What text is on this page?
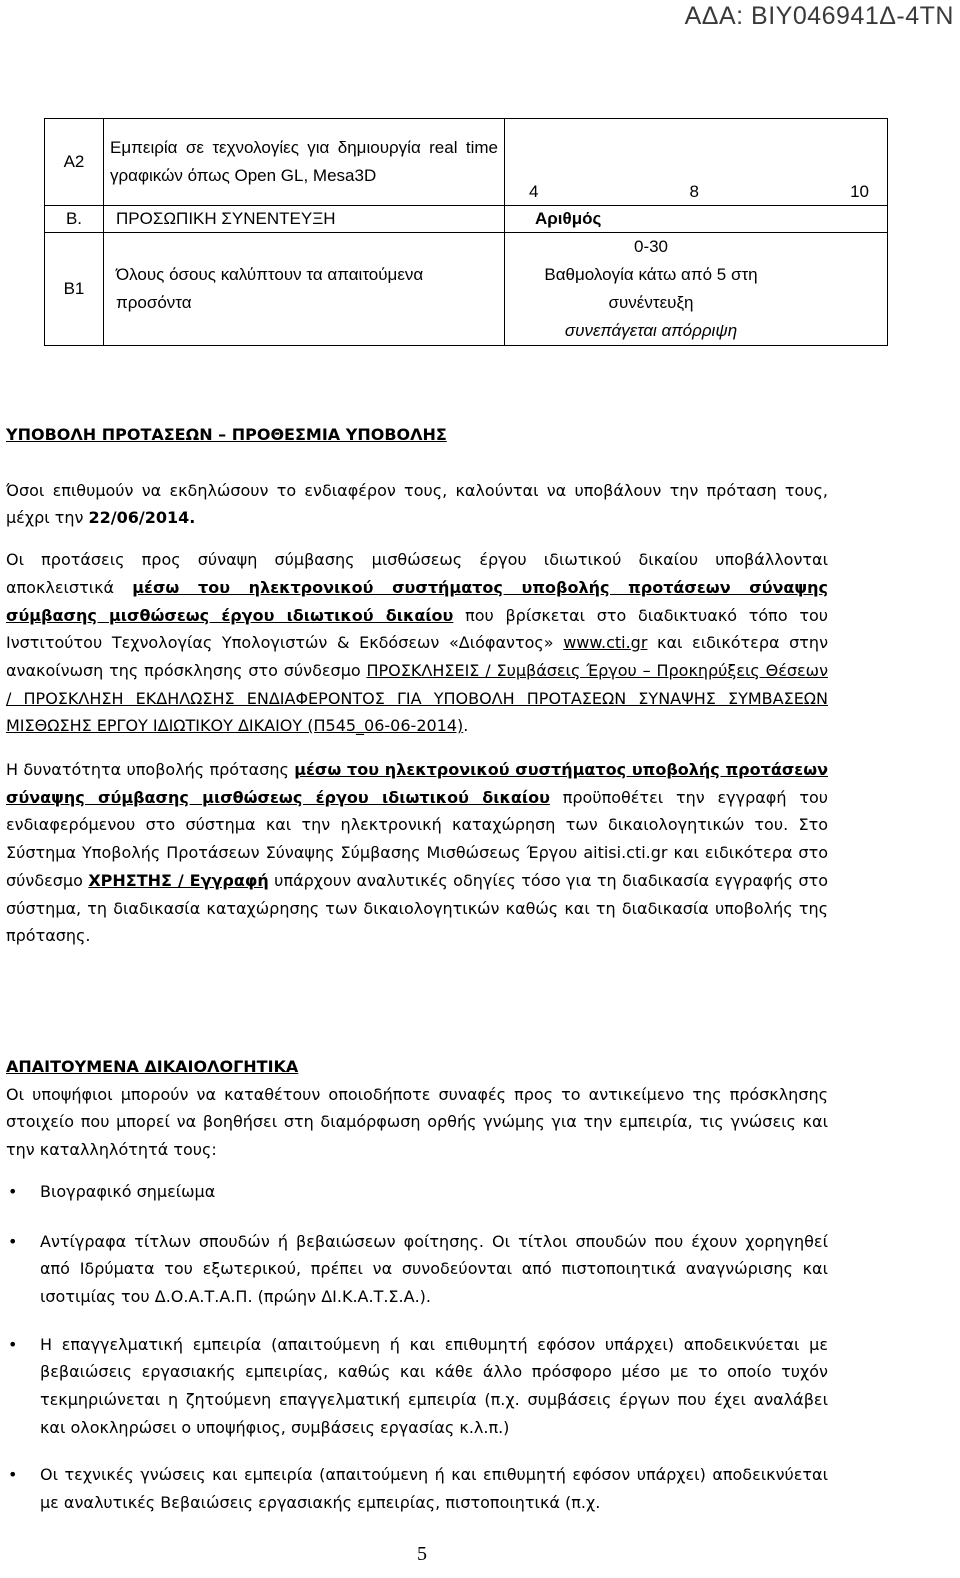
ΑΔΑ: ΒΙΥ046941Δ-4ΤΝ
Α2	Εμπειρία σε τεχνολογίες για δημιουργία real time γραφικών όπως Open GL, Mesa3D	4 8 10

Β.	ΠΡΟΣΩΠΙΚΗ ΣΥΝΕΝΤΕΥΞΗ	Αριθμός
Β1	Όλους όσους καλύπτουν τα απαιτούμενα προσόντα	0-30
Βαθμολογία κάτω από 5 στη συνέντευξη
συνεπάγεται απόρριψη

ΥΠΟΒΟΛΗ ΠΡΟΤΑΣΕΩΝ – ΠΡΟΘΕΣΜΙΑ ΥΠΟΒΟΛΗΣ

Όσοι επιθυμούν να εκδηλώσουν το ενδιαφέρον τους, καλούνται να υποβάλουν την πρόταση τους, μέχρι την 22/06/2014.

Οι προτάσεις προς σύναψη σύμβασης μισθώσεως έργου ιδιωτικού δικαίου υποβάλλονται αποκλειστικά μέσω του ηλεκτρονικού συστήματος υποβολής προτάσεων σύναψης σύμβασης μισθώσεως έργου ιδιωτικού δικαίου που βρίσκεται στο διαδικτυακό τόπο του Ινστιτούτου Τεχνολογίας Υπολογιστών & Εκδόσεων «Διόφαντος» www.cti.gr και ειδικότερα στην ανακοίνωση της πρόσκλησης στο σύνδεσμο ΠΡΟΣΚΛΗΣΕΙΣ / Συμβάσεις Έργου – Προκηρύξεις Θέσεων / ΠΡΟΣΚΛΗΣΗ ΕΚΔΗΛΩΣΗΣ ΕΝΔΙΑΦΕΡΟΝΤΟΣ ΓΙΑ ΥΠΟΒΟΛΗ ΠΡΟΤΑΣΕΩΝ ΣΥΝΑΨΗΣ ΣΥΜΒΑΣΕΩΝ ΜΙΣΘΩΣΗΣ ΕΡΓΟΥ ΙΔΙΩΤΙΚΟΥ ΔΙΚΑΙΟΥ (Π545_06-06-2014).

Η δυνατότητα υποβολής πρότασης μέσω του ηλεκτρονικού συστήματος υποβολής προτάσεων σύναψης σύμβασης μισθώσεως έργου ιδιωτικού δικαίου προϋποθέτει την εγγραφή του ενδιαφερόμενου στο σύστημα και την ηλεκτρονική καταχώρηση των δικαιολογητικών του. Στο Σύστημα Υποβολής Προτάσεων Σύναψης Σύμβασης Μισθώσεως Έργου aitisi.cti.gr και ειδικότερα στο σύνδεσμο ΧΡΗΣΤΗΣ / Εγγραφή υπάρχουν αναλυτικές οδηγίες τόσο για τη διαδικασία εγγραφής στο σύστημα, τη διαδικασία καταχώρησης των δικαιολογητικών καθώς και τη διαδικασία υποβολής της πρότασης.

ΑΠΑΙΤΟΥΜΕΝΑ ΔΙΚΑΙΟΛΟΓΗΤΙΚΑ

Οι υποψήφιοι μπορούν να καταθέτουν οποιοδήποτε συναφές προς το αντικείμενο της πρόσκλησης στοιχείο που μπορεί να βοηθήσει στη διαμόρφωση ορθής γνώμης για την εμπειρία, τις γνώσεις και την καταλληλότητά τους:

• Βιογραφικό σημείωμα
• Αντίγραφα τίτλων σπουδών ή βεβαιώσεων φοίτησης. Οι τίτλοι σπουδών που έχουν χορηγηθεί από Ιδρύματα του εξωτερικού, πρέπει να συνοδεύονται από πιστοποιητικά αναγνώρισης και ισοτιμίας του Δ.Ο.Α.Τ.Α.Π. (πρώην ΔΙ.Κ.Α.Τ.Σ.Α.).
• Η επαγγελματική εμπειρία (απαιτούμενη ή και επιθυμητή εφόσον υπάρχει) αποδεικνύεται με βεβαιώσεις εργασιακής εμπειρίας, καθώς και κάθε άλλο πρόσφορο μέσο με το οποίο τυχόν τεκμηριώνεται η ζητούμενη επαγγελματική εμπειρία (π.χ. συμβάσεις έργων που έχει αναλάβει και ολοκληρώσει ο υποψήφιος, συμβάσεις εργασίας κ.λ.π.)
• Οι τεχνικές γνώσεις και εμπειρία (απαιτούμενη ή και επιθυμητή εφόσον υπάρχει) αποδεικνύεται με αναλυτικές Βεβαιώσεις εργασιακής εμπειρίας, πιστοποιητικά (π.χ.
5
